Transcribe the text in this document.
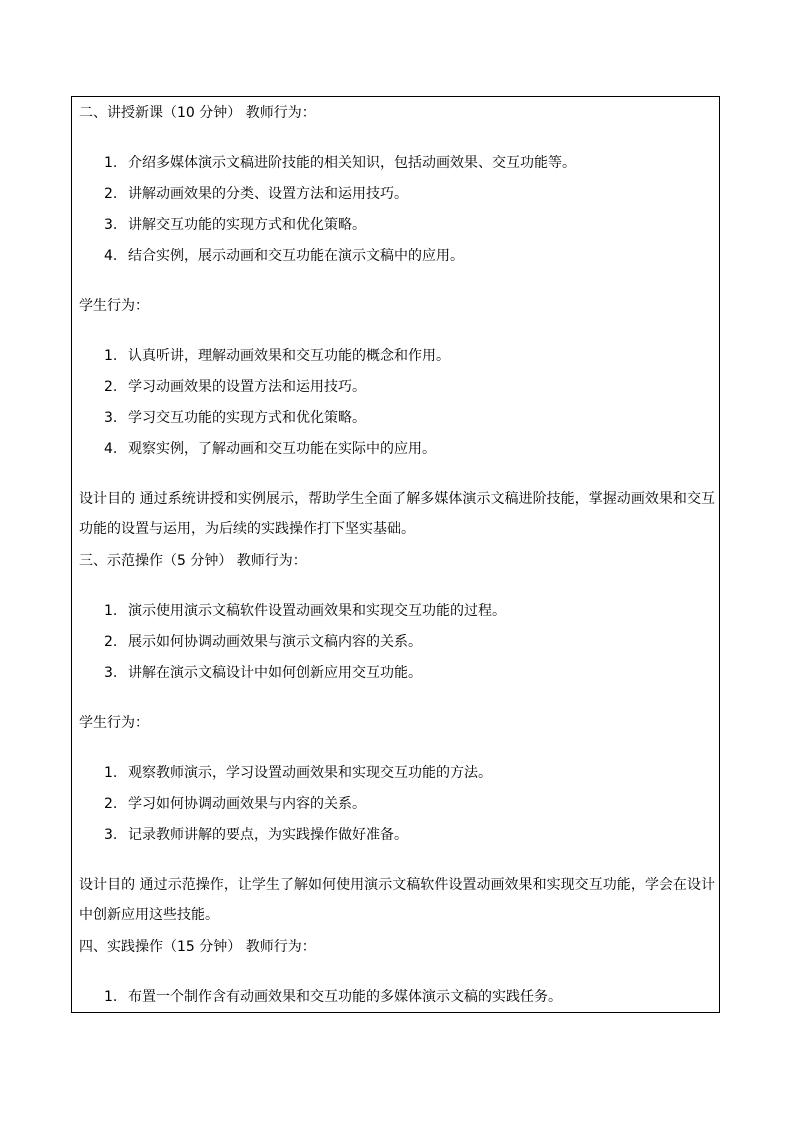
二、讲授新课（10 分钟） 教师行为：
1. 介绍多媒体演示文稿进阶技能的相关知识，包括动画效果、交互功能等。
2. 讲解动画效果的分类、设置方法和运用技巧。
3. 讲解交互功能的实现方式和优化策略。
4. 结合实例，展示动画和交互功能在演示文稿中的应用。
学生行为：
1. 认真听讲，理解动画效果和交互功能的概念和作用。
2. 学习动画效果的设置方法和运用技巧。
3. 学习交互功能的实现方式和优化策略。
4. 观察实例，了解动画和交互功能在实际中的应用。
设计目的 通过系统讲授和实例展示，帮助学生全面了解多媒体演示文稿进阶技能，掌握动画效果和交互功能的设置与运用，为后续的实践操作打下坚实基础。
三、示范操作（5 分钟） 教师行为：
1. 演示使用演示文稿软件设置动画效果和实现交互功能的过程。
2. 展示如何协调动画效果与演示文稿内容的关系。
3. 讲解在演示文稿设计中如何创新应用交互功能。
学生行为：
1. 观察教师演示，学习设置动画效果和实现交互功能的方法。
2. 学习如何协调动画效果与内容的关系。
3. 记录教师讲解的要点，为实践操作做好准备。
设计目的 通过示范操作，让学生了解如何使用演示文稿软件设置动画效果和实现交互功能，学会在设计中创新应用这些技能。
四、实践操作（15 分钟） 教师行为：
1. 布置一个制作含有动画效果和交互功能的多媒体演示文稿的实践任务。
